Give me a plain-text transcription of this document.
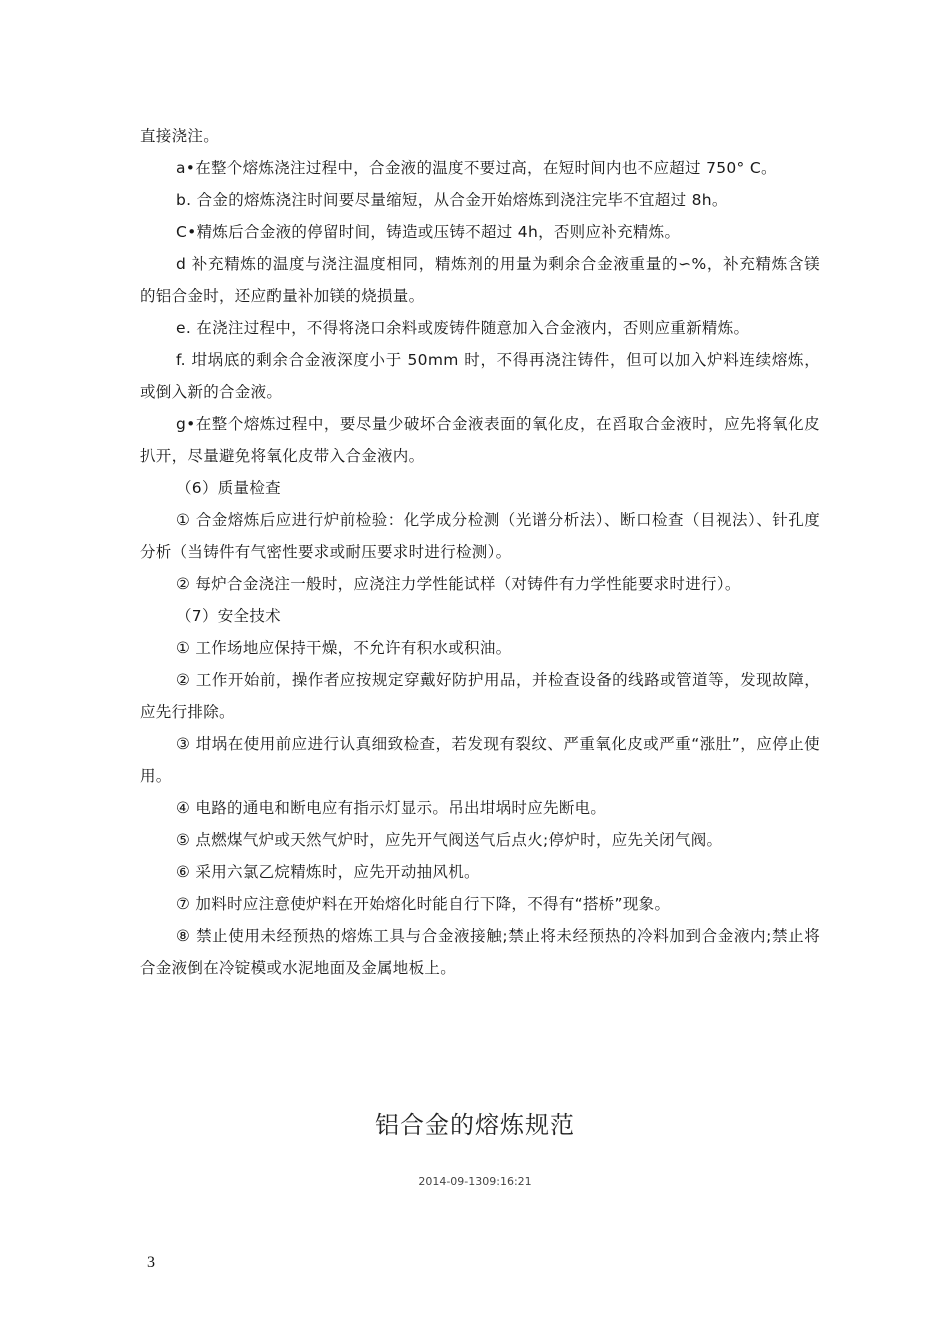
直接浇注。

a•在整个熔炼浇注过程中，合金液的温度不要过高，在短时间内也不应超过 750° C。

b. 合金的熔炼浇注时间要尽量缩短，从合金开始熔炼到浇注完毕不宜超过 8h。

C•精炼后合金液的停留时间，铸造或压铸不超过 4h，否则应补充精炼。

d 补充精炼的温度与浇注温度相同，精炼剂的用量为剩余合金液重量的∽%，补充精炼含镁的铝合金时，还应酌量补加镁的烧损量。

e. 在浇注过程中，不得将浇口余料或废铸件随意加入合金液内，否则应重新精炼。

f. 坩埚底的剩余合金液深度小于 50mm 时，不得再浇注铸件，但可以加入炉料连续熔炼，或倒入新的合金液。

g•在整个熔炼过程中，要尽量少破坏合金液表面的氧化皮，在舀取合金液时，应先将氧化皮扒开，尽量避免将氧化皮带入合金液内。

（6）质量检查

① 合金熔炼后应进行炉前检验：化学成分检测（光谱分析法）、断口检查（目视法）、针孔度分析（当铸件有气密性要求或耐压要求时进行检测）。

② 每炉合金浇注一般时，应浇注力学性能试样（对铸件有力学性能要求时进行）。

（7）安全技术

① 工作场地应保持干燥，不允许有积水或积油。

② 工作开始前，操作者应按规定穿戴好防护用品，并检查设备的线路或管道等，发现故障，应先行排除。

③ 坩埚在使用前应进行认真细致检查，若发现有裂纹、严重氧化皮或严重“涨肚”，应停止使用。

④ 电路的通电和断电应有指示灯显示。吊出坩埚时应先断电。

⑤ 点燃煤气炉或天然气炉时，应先开气阀送气后点火;停炉时，应先关闭气阀。

⑥ 采用六氯乙烷精炼时，应先开动抽风机。

⑦ 加料时应注意使炉料在开始熔化时能自行下降，不得有“搭桥”现象。

⑧ 禁止使用未经预热的熔炼工具与合金液接触;禁止将未经预热的冷料加到合金液内;禁止将合金液倒在冷锭模或水泥地面及金属地板上。

铝合金的熔炼规范
2014-09-1309:16:21
3
